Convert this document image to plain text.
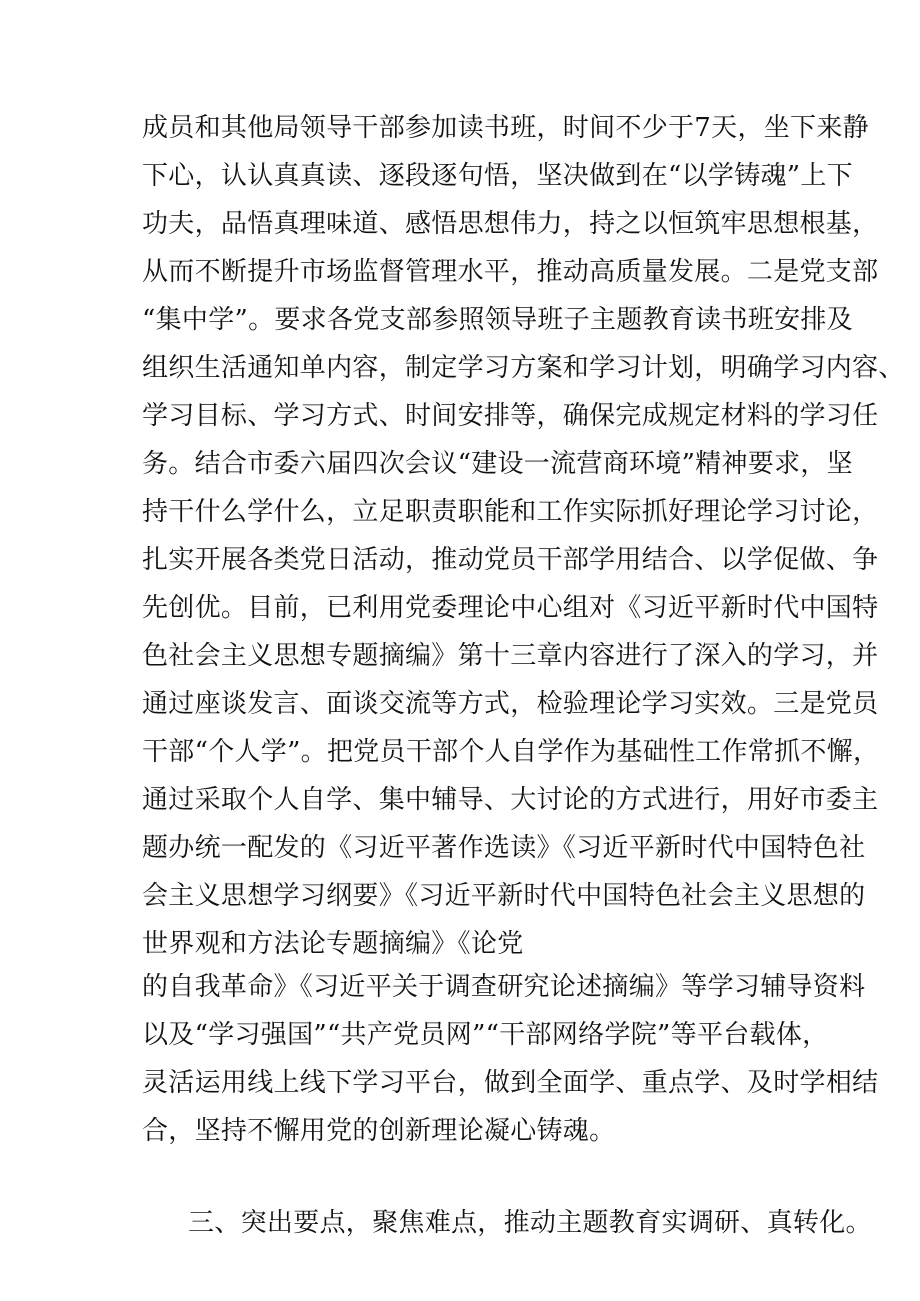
成员和其他局领导干部参加读书班，时间不少于7天，坐下来静
下心，认认真真读、逐段逐句悟，坚决做到在“以学铸魂”上下
功夫，品悟真理味道、感悟思想伟力，持之以恒筑牢思想根基，
从而不断提升市场监督管理水平，推动高质量发展。二是党支部
“集中学”。要求各党支部参照领导班子主题教育读书班安排及
组织生活通知单内容，制定学习方案和学习计划，明确学习内容、
学习目标、学习方式、时间安排等，确保完成规定材料的学习任
务。结合市委六届四次会议“建设一流营商环境”精神要求，坚
持干什么学什么，立足职责职能和工作实际抓好理论学习讨论，
扎实开展各类党日活动，推动党员干部学用结合、以学促做、争
先创优。目前，已利用党委理论中心组对《习近平新时代中国特
色社会主义思想专题摘编》第十三章内容进行了深入的学习，并
通过座谈发言、面谈交流等方式，检验理论学习实效。三是党员
干部“个人学”。把党员干部个人自学作为基础性工作常抓不懈，
通过采取个人自学、集中辅导、大讨论的方式进行，用好市委主
题办统一配发的《习近平著作选读》《习近平新时代中国特色社
会主义思想学习纲要》《习近平新时代中国特色社会主义思想的
世界观和方法论专题摘编》《论党
的自我革命》《习近平关于调查研究论述摘编》等学习辅导资料
以及“学习强国”“共产党员网”“干部网络学院”等平台载体，
灵活运用线上线下学习平台，做到全面学、重点学、及时学相结
合，坚持不懈用党的创新理论凝心铸魂。
三、突出要点，聚焦难点，推动主题教育实调研、真转化。
